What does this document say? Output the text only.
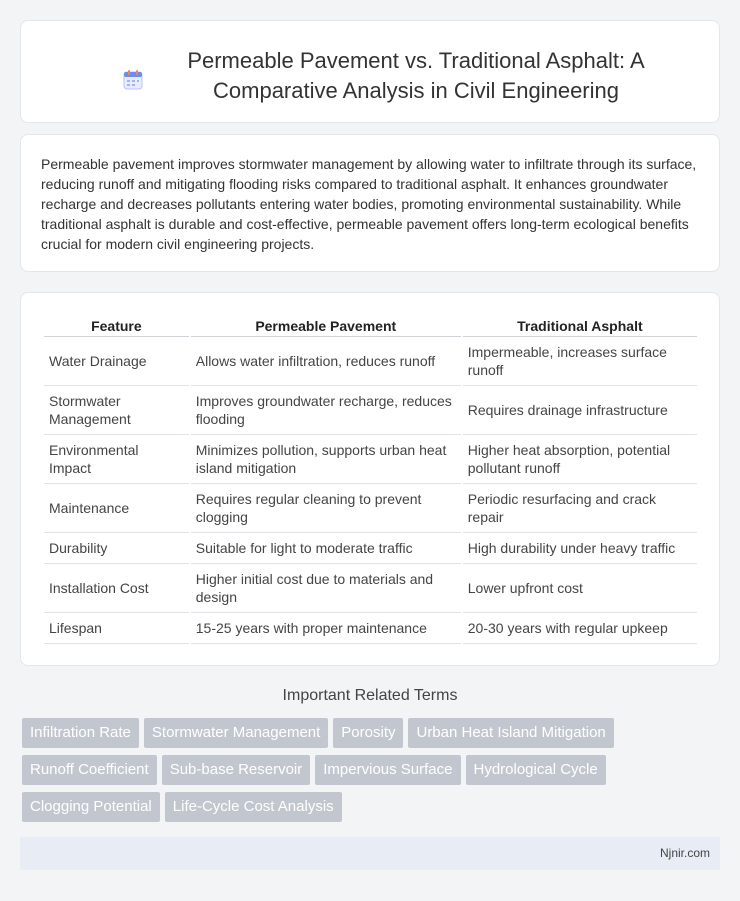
Permeable Pavement vs. Traditional Asphalt: A Comparative Analysis in Civil Engineering

Permeable pavement improves stormwater management by allowing water to infiltrate through its surface, reducing runoff and mitigating flooding risks compared to traditional asphalt. It enhances groundwater recharge and decreases pollutants entering water bodies, promoting environmental sustainability. While traditional asphalt is durable and cost-effective, permeable pavement offers long-term ecological benefits crucial for modern civil engineering projects.

Feature	Permeable Pavement	Traditional Asphalt
Water Drainage	Allows water infiltration, reduces runoff	Impermeable, increases surface runoff
Stormwater Management	Improves groundwater recharge, reduces flooding	Requires drainage infrastructure
Environmental Impact	Minimizes pollution, supports urban heat island mitigation	Higher heat absorption, potential pollutant runoff
Maintenance	Requires regular cleaning to prevent clogging	Periodic resurfacing and crack repair
Durability	Suitable for light to moderate traffic	High durability under heavy traffic
Installation Cost	Higher initial cost due to materials and design	Lower upfront cost
Lifespan	15-25 years with proper maintenance	20-30 years with regular upkeep
Important Related Terms
Infiltration Rate Stormwater Management Porosity Urban Heat Island Mitigation
Runoff Coefficient Sub-base Reservoir Impervious Surface Hydrological Cycle
Clogging Potential Life-Cycle Cost Analysis
Njnir.com
